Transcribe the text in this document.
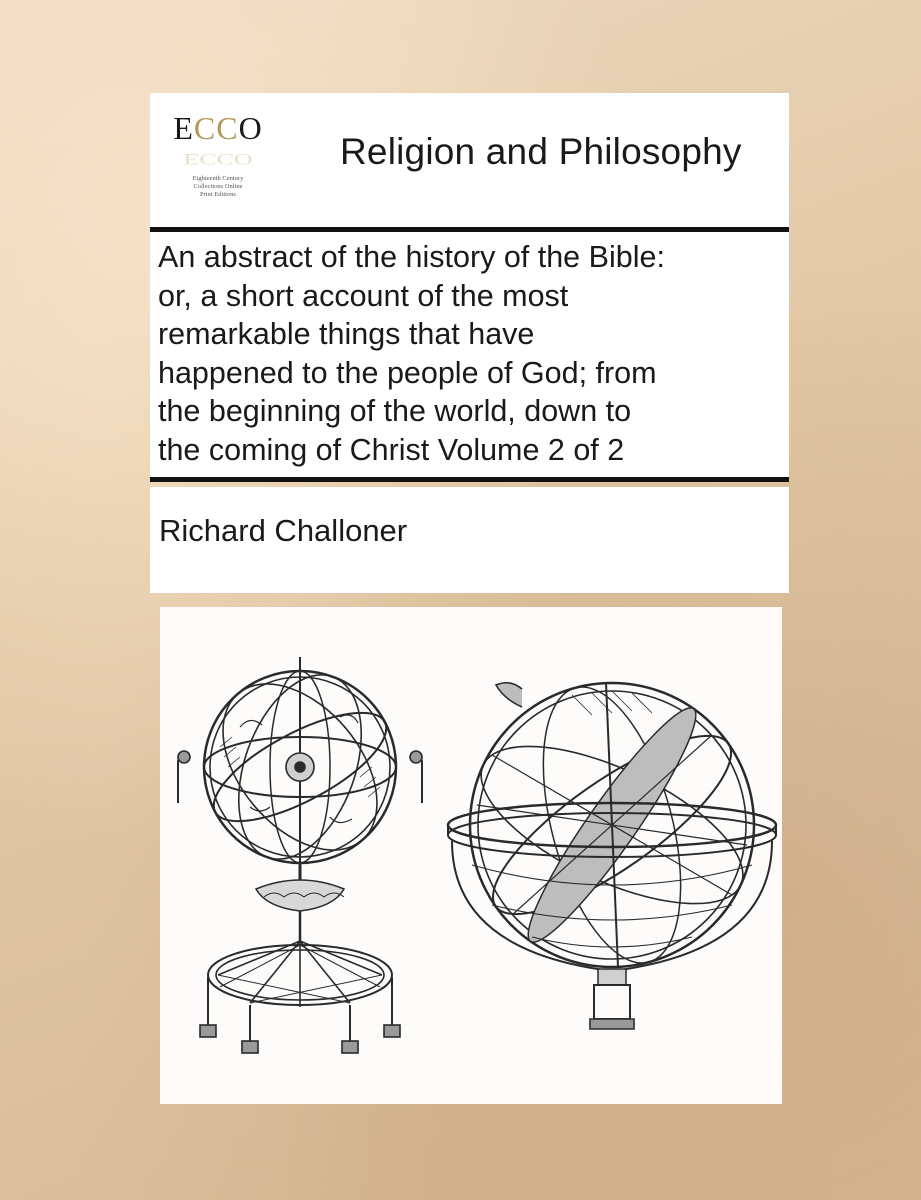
ECCO
ECCO
Eighteenth Century
Collections Online
Print Editions
Religion and Philosophy
An abstract of the history of the Bible:
or, a short account of the most
remarkable things that have
happened to the people of God; from
the beginning of the world, down to
the coming of Christ Volume 2 of 2
Richard Challoner
